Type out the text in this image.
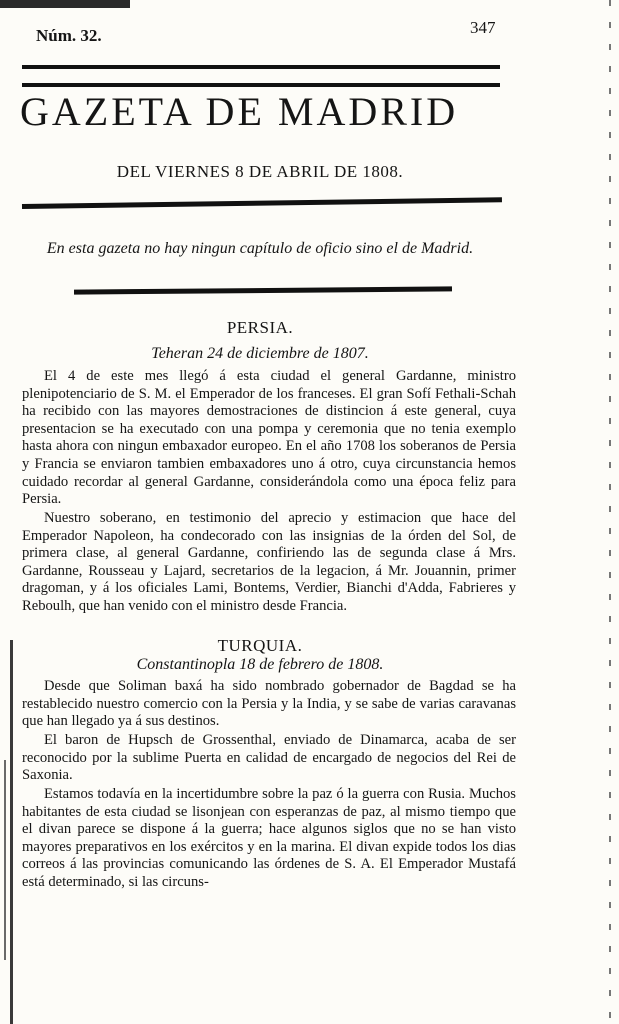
Núm. 32.	347
GAZETA DE MADRID
DEL VIERNES 8 DE ABRIL DE 1808.
En esta gazeta no hay ningun capítulo de oficio sino el de Madrid.
PERSIA.
Teheran 24 de diciembre de 1807.
El 4 de este mes llegó á esta ciudad el general Gardanne, ministro plenipotenciario de S. M. el Emperador de los franceses. El gran Sofí Fethali-Schah ha recibido con las mayores demostraciones de distincion á este general, cuya presentacion se ha executado con una pompa y ceremonia que no tenia exemplo hasta ahora con ningun embaxador europeo. En el año 1708 los soberanos de Persia y Francia se enviaron tambien embaxadores uno á otro, cuya circunstancia hemos cuidado recordar al general Gardanne, considerándola como una época feliz para Persia.
Nuestro soberano, en testimonio del aprecio y estimacion que hace del Emperador Napoleon, ha condecorado con las insignias de la órden del Sol, de primera clase, al general Gardanne, confiriendo las de segunda clase á Mrs. Gardanne, Rousseau y Lajard, secretarios de la legacion, á Mr. Jouannin, primer dragoman, y á los oficiales Lami, Bontems, Verdier, Bianchi d'Adda, Fabrieres y Reboulh, que han venido con el ministro desde Francia.
TURQUIA.
Constantinopla 18 de febrero de 1808.
Desde que Soliman baxá ha sido nombrado gobernador de Bagdad se ha restablecido nuestro comercio con la Persia y la India, y se sabe de varias caravanas que han llegado ya á sus destinos.
El baron de Hupsch de Grossenthal, enviado de Dinamarca, acaba de ser reconocido por la sublime Puerta en calidad de encargado de negocios del Rei de Saxonia.
Estamos todavía en la incertidumbre sobre la paz ó la guerra con Rusia. Muchos habitantes de esta ciudad se lisonjean con esperanzas de paz, al mismo tiempo que el divan parece se dispone á la guerra; hace algunos siglos que no se han visto mayores preparativos en los exércitos y en la marina. El divan expide todos los dias correos á las provincias comunicando las órdenes de S. A. El Emperador Mustafá está determinado, si las circuns-
